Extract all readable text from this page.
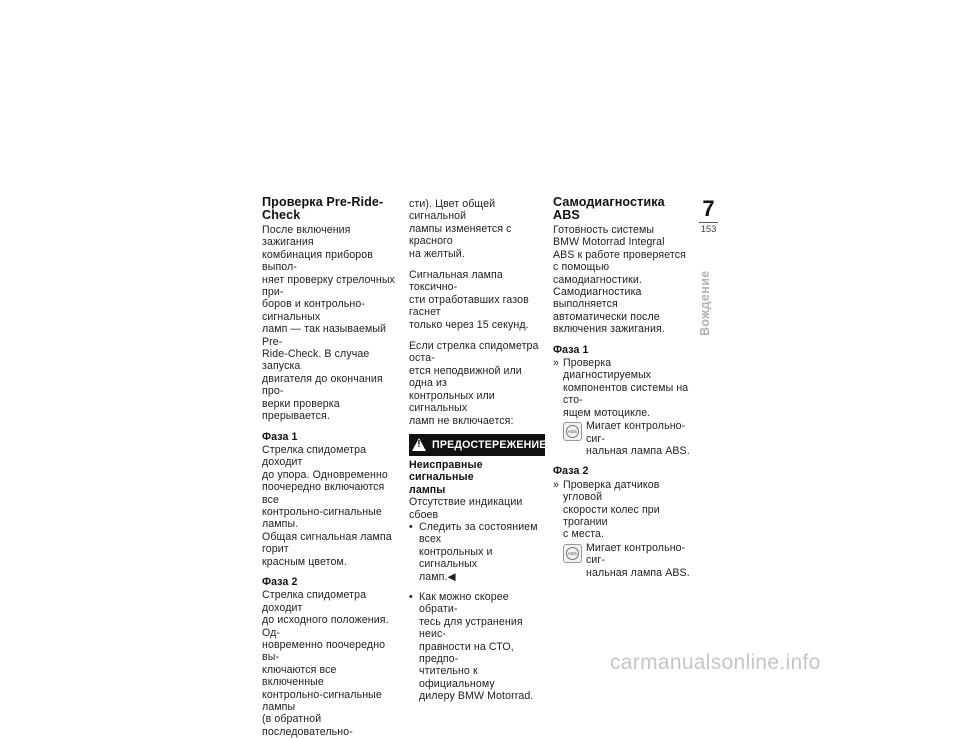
Проверка Pre-Ride-Check

После включения зажигания
комбинация приборов выпол-
няет проверку стрелочных при-
боров и контрольно-сигнальных
ламп — так называемый Pre-
Ride-Check. В случае запуска
двигателя до окончания про-
верки проверка прерывается.

Фаза 1

Стрелка спидометра доходит
до упора. Одновременно
поочередно включаются все
контрольно-сигнальные лампы.
Общая сигнальная лампа горит
красным цветом.

Фаза 2

Стрелка спидометра доходит
до исходного положения. Од-
новременно поочередно вы-
ключаются все включенные
контрольно-сигнальные лампы
(в обратной последовательно-

сти). Цвет общей сигнальной
лампы изменяется с красного
на желтый.

Сигнальная лампа токсично-
сти отработавших газов гаснет
только через 15 секунд.

Если стрелка спидометра оста-
ется неподвижной или одна из
контрольных или сигнальных
ламп не включается:

! ПРЕДОСТЕРЕЖЕНИЕ

Неисправные сигнальные
лампы

Отсутствие индикации сбоев

• Следить за состоянием всех
контрольных и сигнальных
ламп.◀
• Как можно скорее обрати-
тесь для устранения неис-
правности на СТО, предпо-
чтительно к официальному
дилеру BMW Motorrad.
Самодиагностика ABS

Готовность системы
BMW Motorrad Integral
ABS к работе проверяется
с помощью самодиагностики.
Самодиагностика выполняется
автоматически после
включения зажигания.

Фаза 1
» Проверка диагностируемых
компонентов системы на сто-
ящем мотоцикле.
ABS Мигает контрольно-сиг-
нальная лампа ABS.
Фаза 2
» Проверка датчиков угловой
скорости колес при трогании
с места.
ABS Мигает контрольно-сиг-
нальная лампа ABS.
7
153
Вождение
carmanualsonline.info
